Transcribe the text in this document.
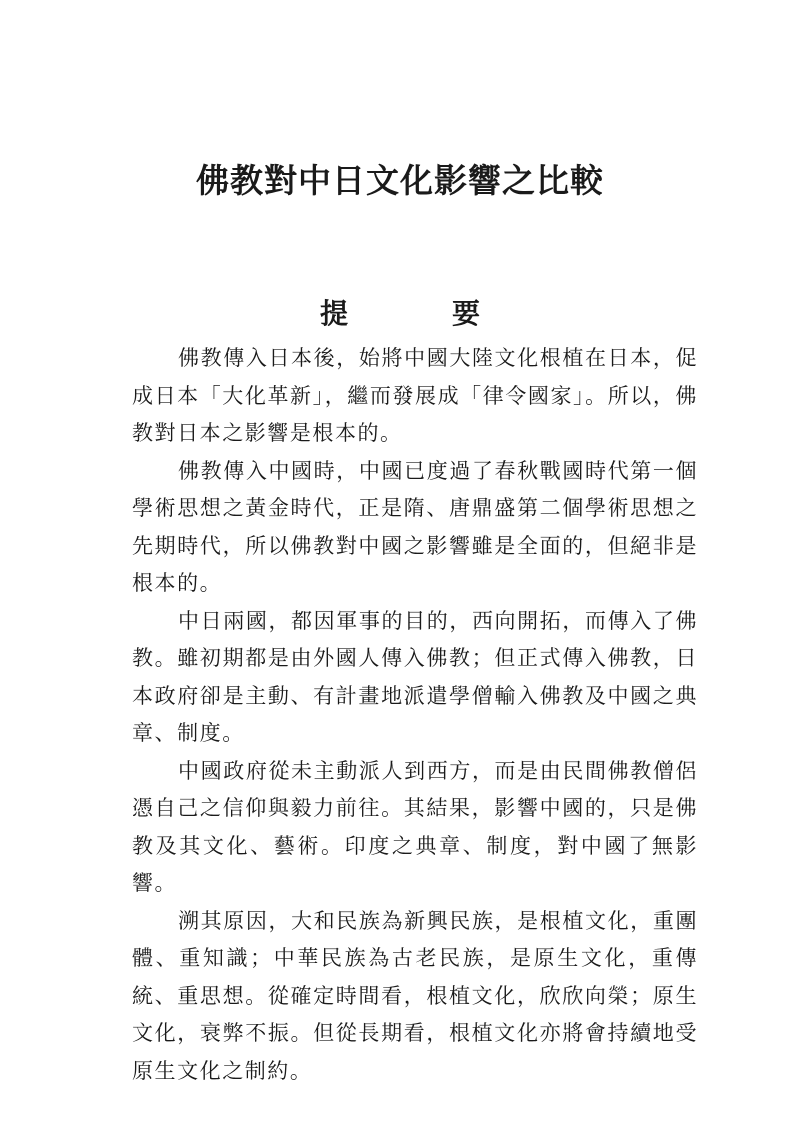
佛教對中日文化影響之比較
提　要

佛教傳入日本後，始將中國大陸文化根植在日本，促成日本「大化革新」，繼而發展成「律令國家」。所以，佛教對日本之影響是根本的。

佛教傳入中國時，中國已度過了春秋戰國時代第一個學術思想之黃金時代，正是隋、唐鼎盛第二個學術思想之先期時代，所以佛教對中國之影響雖是全面的，但絕非是根本的。

中日兩國，都因軍事的目的，西向開拓，而傳入了佛教。雖初期都是由外國人傳入佛教；但正式傳入佛教，日本政府卻是主動、有計畫地派遣學僧輸入佛教及中國之典章、制度。

中國政府從未主動派人到西方，而是由民間佛教僧侶憑自己之信仰與毅力前往。其結果，影響中國的，只是佛教及其文化、藝術。印度之典章、制度，對中國了無影響。

溯其原因，大和民族為新興民族，是根植文化，重團體、重知識；中華民族為古老民族，是原生文化，重傳統、重思想。從確定時間看，根植文化，欣欣向榮；原生文化，衰弊不振。但從長期看，根植文化亦將會持續地受原生文化之制約。
